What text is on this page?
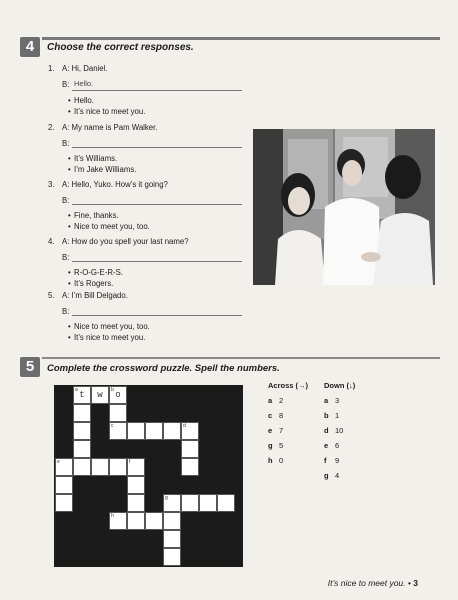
4	Choose the correct responses.
1. A: Hi, Daniel.
B: Hello.
• Hello.
• It’s nice to meet you.
2. A: My name is Pam Walker.
B:
• It’s Williams.
• I’m Jake Williams.
3. A: Hello, Yuko. How’s it going?
B:
• Fine, thanks.
• Nice to meet you, too.
4. A: How do you spell your last name?
B:
• R-O-G-E-R-S.
• It’s Rogers.
5. A: I’m Bill Delgado.
B:
• Nice to meet you, too.
• It’s nice to meet you.
5	Complete the crossword puzzle. Spell the numbers.
a t	w	b o
c	d
e	f
g
h
Across (→) Down (↓)
a 2
c 8
e 7
g 5
h 0
a 3
b 1
d 10
e 6
f 9
g 4
It’s nice to meet you. • 3
